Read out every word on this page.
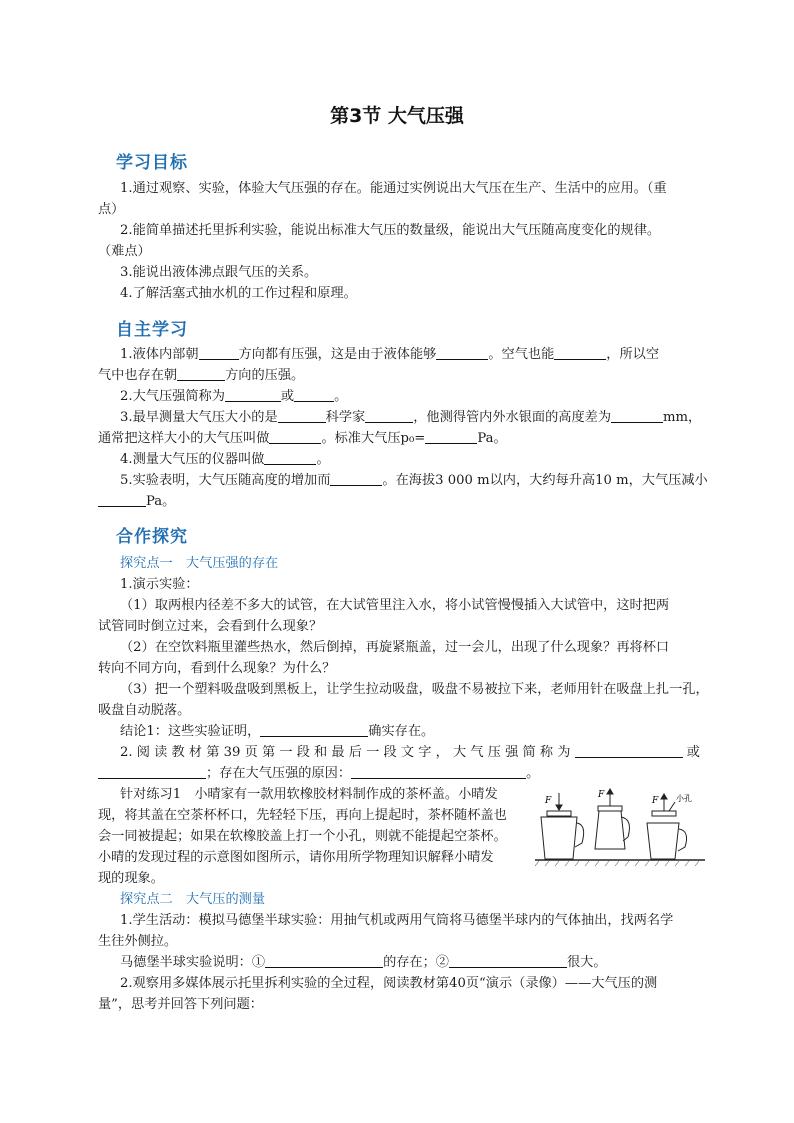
第3节 大气压强
学习目标
1.通过观察、实验，体验大气压强的存在。能通过实例说出大气压在生产、生活中的应用。（重
点）
2.能简单描述托里拆利实验，能说出标准大气压的数量级，能说出大气压随高度变化的规律。
（难点）
3.能说出液体沸点跟气压的关系。
4.了解活塞式抽水机的工作过程和原理。
自主学习
1.液体内部朝	方向都有压强，这是由于液体能够	。空气也能	，所以空
气中也存在朝	方向的压强。
2.大气压强简称为	或	。
3.最早测量大气压大小的是	科学家	，他测得管内外水银面的高度差为	mm，
通常把这样大小的大气压叫做	。标准大气压p₀=	Pa。
4.测量大气压的仪器叫做	。
5.实验表明，大气压随高度的增加而	。在海拔3 000 m以内，大约每升高10 m，大气压减小
Pa。
合作探究
探究点一　大气压强的存在
1.演示实验：
（1）取两根内径差不多大的试管，在大试管里注入水，将小试管慢慢插入大试管中，这时把两
试管同时倒立过来，会看到什么现象？
（2）在空饮料瓶里灌些热水，然后倒掉，再旋紧瓶盖，过一会儿，出现了什么现象？再将杯口
转向不同方向，看到什么现象？为什么？
（3）把一个塑料吸盘吸到黑板上，让学生拉动吸盘，吸盘不易被拉下来，老师用针在吸盘上扎一孔，
吸盘自动脱落。
结论1：这些实验证明，	确实存在。
2.阅读教材第39页第一段和最后一段文字，大气压强简称为	或
；存在大气压强的原因：	。
针对练习1　小晴家有一款用软橡胶材料制作成的茶杯盖。小晴发
现，将其盖在空茶杯杯口，先轻轻下压，再向上提起时，茶杯随杯盖也
会一同被提起；如果在软橡胶盖上打一个小孔，则就不能提起空茶杯。
小晴的发现过程的示意图如图所示，请你用所学物理知识解释小晴发
现的现象。
F
F
F 小孔
探究点二　大气压的测量
1.学生活动：模拟马德堡半球实验：用抽气机或两用气筒将马德堡半球内的气体抽出，找两名学
生往外侧拉。
马德堡半球实验说明：①	的存在；②	很大。
2.观察用多媒体展示托里拆利实验的全过程，阅读教材第40页“演示（录像）——大气压的测
量”，思考并回答下列问题：
